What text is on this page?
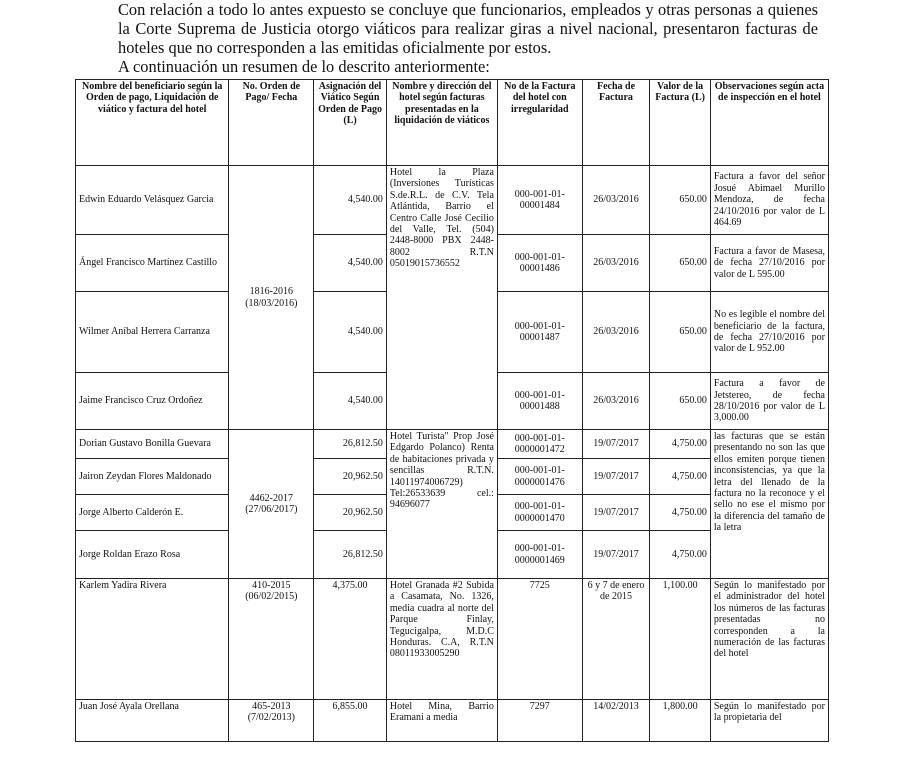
Con relación a todo lo antes expuesto se concluye que funcionarios, empleados y otras personas a quienes la Corte Suprema de Justicia otorgo viáticos para realizar giras a nivel nacional, presentaron facturas de hoteles que no corresponden a las emitidas oficialmente por estos.

A continuación un resumen de lo descrito anteriormente:

Nombre del beneficiario según la Orden de pago, Liquidación de viático y factura del hotel	No. Orden de Pago/ Fecha	Asignación del Viático Según Orden de Pago (L)	Nombre y dirección del hotel según facturas presentadas en la liquidación de viáticos	No de la Factura del hotel con irregularidad	Fecha de Factura	Valor de la Factura (L)	Observaciones según acta de inspección en el hotel
Edwin Eduardo Velásquez Garcia	1816-2016 (18/03/2016)	4,540.00	Hotel la Plaza (Inversiones Turísticas S.de.R.L. de C.V. Tela Atlántida, Barrio el Centro Calle José Cecilio del Valle, Tel. (504) 2448-8000 PBX 2448-8002 R.T.N 05019015736552	000-001-01-00001484	26/03/2016	650.00	Factura a favor del señor Josué Abimael Murillo Mendoza, de fecha 24/10/2016 por valor de L 464.69
Ángel Francisco Martínez Castillo		4,540.00		000-001-01-00001486	26/03/2016	650.00	Factura a favor de Masesa, de fecha 27/10/2016 por valor de L 595.00
Wilmer Aníbal Herrera Carranza		4,540.00		000-001-01-00001487	26/03/2016	650.00	No es legible el nombre del beneficiario de la factura, de fecha 27/10/2016 por valor de L 952.00
Jaime Francisco Cruz Ordoñez		4,540.00		000-001-01-00001488	26/03/2016	650.00	Factura a favor de Jetstereo, de fecha 28/10/2016 por valor de L 3,000.00
Dorian Gustavo Bonilla Guevara	4462-2017 (27/06/2017)	26,812.50	Hotel Turista" Prop José Edgardo Polanco) Renta de habitaciones privada y sencillas R.T.N. 14011974006729) Tel:26533639 cel.: 94696077	000-001-01-0000001472	19/07/2017	4,750.00	las facturas que se están presentando no son las que ellos emiten porque tienen inconsistencias, ya que la letra del llenado de la factura no la reconoce y el sello no ese el mismo por la diferencia del tamaño de la letra
Jairon Zeydan Flores Maldonado		20,962.50		000-001-01-0000001476	19/07/2017	4,750.00	
Jorge Alberto Calderón E.		20,962.50		000-001-01-0000001470	19/07/2017	4,750.00	
Jorge Roldan Erazo Rosa		26,812.50		000-001-01-0000001469	19/07/2017	4,750.00	
Karlem Yadira Rivera	410-2015 (06/02/2015)	4,375.00	Hotel Granada #2 Subida a Casamata, No. 1326, media cuadra al norte del Parque Finlay, Tegucigalpa, M.D.C Honduras. C.A, R.T.N 08011933005290	7725	6 y 7 de enero de 2015	1,100.00	Según lo manifestado por el administrador del hotel los números de las facturas presentadas no corresponden a la numeración de las facturas del hotel
Juan José Ayala Orellana	465-2013 (7/02/2013)	6,855.00	Hotel Mina, Barrio Eramani a media	7297	14/02/2013	1,800.00	Según lo manifestado por la propietaria del
